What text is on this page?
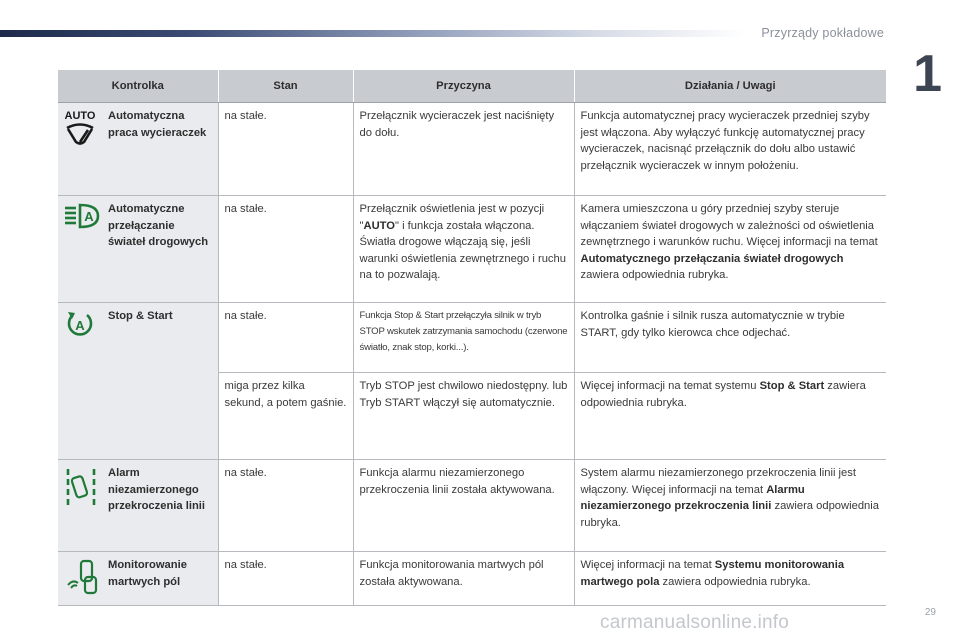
Przyrządy pokładowe
1
Kontrolka		Stan	Przyczyna	Działania / Uwagi

AUTO	Automatyczna praca wycieraczek	na stałe.	Przełącznik wycieraczek jest naciśnięty do dołu.	Funkcja automatycznej pracy wycieraczek przedniej szyby jest włączona. Aby wyłączyć funkcję automatycznej pracy wycieraczek, nacisnąć przełącznik do dołu albo ustawić przełącznik wycieraczek w innym położeniu.

A	Automatyczne przełączanie świateł drogowych	na stałe.	Przełącznik oświetlenia jest w pozycji "AUTO" i funkcja została włączona. Światła drogowe włączają się, jeśli warunki oświetlenia zewnętrznego i ruchu na to pozwalają.	Kamera umieszczona u góry przedniej szyby steruje włączaniem świateł drogowych w zależności od oświetlenia zewnętrznego i warunków ruchu. Więcej informacji na temat Automatycznego przełączania świateł drogowych zawiera odpowiednia rubryka.

A	Stop & Start	na stałe.	Funkcja Stop & Start przełączyła silnik w tryb STOP wskutek zatrzymania samochodu (czerwone światło, znak stop, korki...).	Kontrolka gaśnie i silnik rusza automatycznie w trybie START, gdy tylko kierowca chce odjechać.
		miga przez kilka sekund, a potem gaśnie.	Tryb STOP jest chwilowo niedostępny. lub Tryb START włączył się automatycznie.	Więcej informacji na temat systemu Stop & Start zawiera odpowiednia rubryka.

	Alarm niezamierzonego przekroczenia linii	na stałe.	Funkcja alarmu niezamierzonego przekroczenia linii została aktywowana.	System alarmu niezamierzonego przekroczenia linii jest włączony. Więcej informacji na temat Alarmu niezamierzonego przekroczenia linii zawiera odpowiednia rubryka.

	Monitorowanie martwych pól	na stałe.	Funkcja monitorowania martwych pól została aktywowana.	Więcej informacji na temat Systemu monitorowania martwego pola zawiera odpowiednia rubryka.
29
carmanualsonline.info
